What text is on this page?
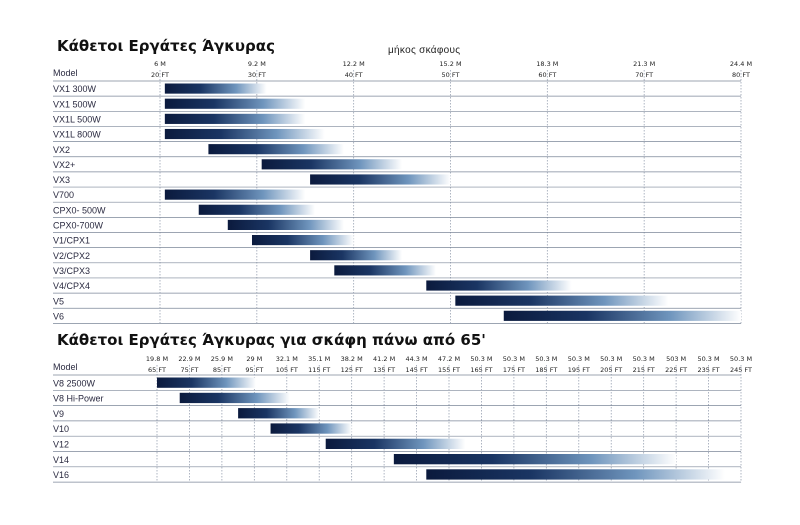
Κάθετοι Εργάτες Άγκυρας	μήκος σκάφους
Κάθετοι Εργάτες Άγκυρας για σκάφη πάνω από 65'
Model
6 M
20 FT
9.2 M
30 FT
12.2 M
40 FT
15.2 M
50 FT
18.3 M
60 FT
21.3 M
70 FT
24.4 M
80 FT
VX1 300W
VX1 500W
VX1L 500W
VX1L 800W
VX2
VX2+
VX3
V700
CPX0- 500W
CPX0-700W
V1/CPX1
V2/CPX2
V3/CPX3
V4/CPX4
V5
V6
Model
19.8 M
65 FT
22.9 M
75 FT
25.9 M
85 FT
29 M
95 FT
32.1 M
105 FT
35.1 M
115 FT
38.2 M
125 FT
41.2 M
135 FT
44.3 M
145 FT
47.2 M
155 FT
50.3 M
165 FT
50.3 M
175 FT
50.3 M
185 FT
50.3 M
195 FT
50.3 M
205 FT
50.3 M
215 FT
503 M
225 FT
50.3 M
235 FT
50.3 M
245 FT
V8 2500W
V8 Hi-Power
V9
V10
V12
V14
V16
